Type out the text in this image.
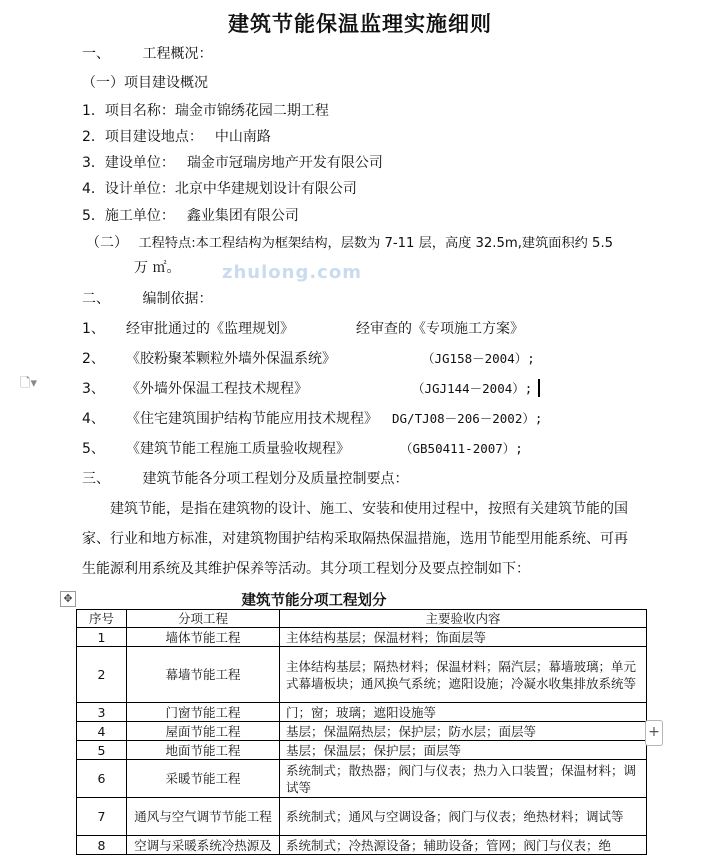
建筑节能保温监理实施细则
一、 工程概况：
（一）项目建设概况
1．项目名称：瑞金市锦绣花园二期工程
2．项目建设地点： 中山南路
3．建设单位： 瑞金市冠瑞房地产开发有限公司
4．设计单位：北京中华建规划设计有限公司
5．施工单位： 鑫业集团有限公司
（二） 工程特点:本工程结构为框架结构，层数为 7-11 层，高度 32.5m,建筑面积约 5.5
万 ㎡。 zhulong.com
二、 编制依据：
1、 经审批通过的《监理规划》	经审查的《专项施工方案》
2、 《胶粉聚苯颗粒外墙外保温系统》	（JG158－2004）;
🗋▾	3、 《外墙外保温工程技术规程》	（JGJ144－2004）;
4、 《住宅建筑围护结构节能应用技术规程》 DG/TJ08－206－2002）;
5、 《建筑节能工程施工质量验收规程》	（GB50411-2007）;
三、 建筑节能各分项工程划分及质量控制要点：
建筑节能，是指在建筑物的设计、施工、安装和使用过程中，按照有关建筑节能的国
家、行业和地方标准，对建筑物围护结构采取隔热保温措施，选用节能型用能系统、可再
生能源利用系统及其维护保养等活动。其分项工程划分及要点控制如下：
✥	建筑节能分项工程划分
序号	分项工程	主要验收内容
1	墙体节能工程	主体结构基层；保温材料；饰面层等
2	幕墙节能工程	主体结构基层；隔热材料；保温材料；隔汽层；幕墙玻璃；单元式幕墙板块；通风换气系统；遮阳设施；冷凝水收集排放系统等
3	门窗节能工程	门；窗；玻璃；遮阳设施等
4	屋面节能工程	基层；保温隔热层；保护层；防水层；面层等
5	地面节能工程	基层；保温层；保护层；面层等
6	采暖节能工程	系统制式；散热器；阀门与仪表；热力入口装置；保温材料；调试等
7	通风与空气调节节能工程	系统制式；通风与空调设备；阀门与仪表；绝热材料；调试等
8	空调与采暖系统冷热源及	系统制式；冷热源设备；辅助设备；管网；阀门与仪表；绝
+
